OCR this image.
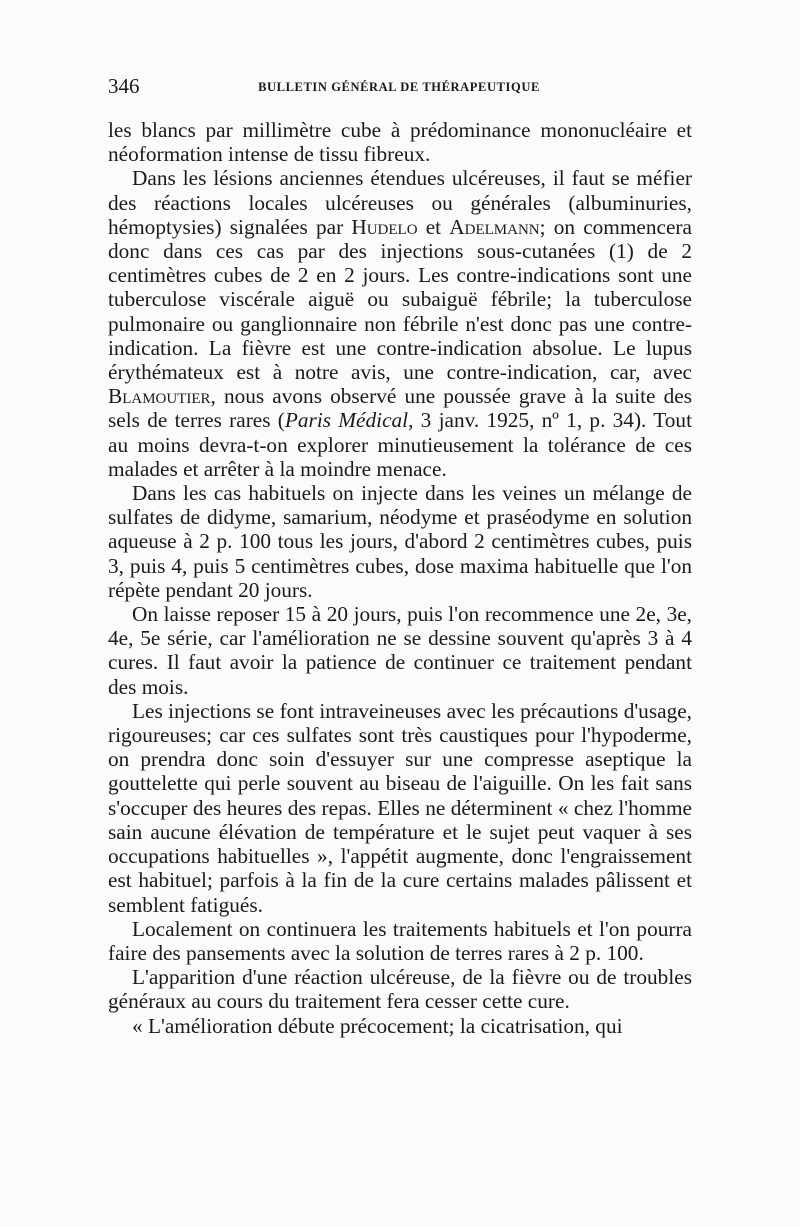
346	BULLETIN GÉNÉRAL DE THÉRAPEUTIQUE

les blancs par millimètre cube à prédominance mononucléaire et néoformation intense de tissu fibreux.

Dans les lésions anciennes étendues ulcéreuses, il faut se méfier des réactions locales ulcéreuses ou générales (albuminuries, hémoptysies) signalées par Hudelo et Adelmann; on commencera donc dans ces cas par des injections sous-cutanées (1) de 2 centimètres cubes de 2 en 2 jours. Les contre-indications sont une tuberculose viscérale aiguë ou subaiguë fébrile; la tuberculose pulmonaire ou ganglionnaire non fébrile n'est donc pas une contre-indication. La fièvre est une contre-indication absolue. Le lupus érythémateux est à notre avis, une contre-indication, car, avec Blamoutier, nous avons observé une poussée grave à la suite des sels de terres rares (Paris Médical, 3 janv. 1925, nº 1, p. 34). Tout au moins devra-t-on explorer minutieusement la tolérance de ces malades et arrêter à la moindre menace.

Dans les cas habituels on injecte dans les veines un mélange de sulfates de didyme, samarium, néodyme et praséodyme en solution aqueuse à 2 p. 100 tous les jours, d'abord 2 centimètres cubes, puis 3, puis 4, puis 5 centimètres cubes, dose maxima habituelle que l'on répète pendant 20 jours.

On laisse reposer 15 à 20 jours, puis l'on recommence une 2e, 3e, 4e, 5e série, car l'amélioration ne se dessine souvent qu'après 3 à 4 cures. Il faut avoir la patience de continuer ce traitement pendant des mois.

Les injections se font intraveineuses avec les précautions d'usage, rigoureuses; car ces sulfates sont très caustiques pour l'hypoderme, on prendra donc soin d'essuyer sur une compresse aseptique la gouttelette qui perle souvent au biseau de l'aiguille. On les fait sans s'occuper des heures des repas. Elles ne déterminent « chez l'homme sain aucune élévation de température et le sujet peut vaquer à ses occupations habituelles », l'appétit augmente, donc l'engraissement est habituel; parfois à la fin de la cure certains malades pâlissent et semblent fatigués.

Localement on continuera les traitements habituels et l'on pourra faire des pansements avec la solution de terres rares à 2 p. 100.

L'apparition d'une réaction ulcéreuse, de la fièvre ou de troubles généraux au cours du traitement fera cesser cette cure.

« L'amélioration débute précocement; la cicatrisation, qui
